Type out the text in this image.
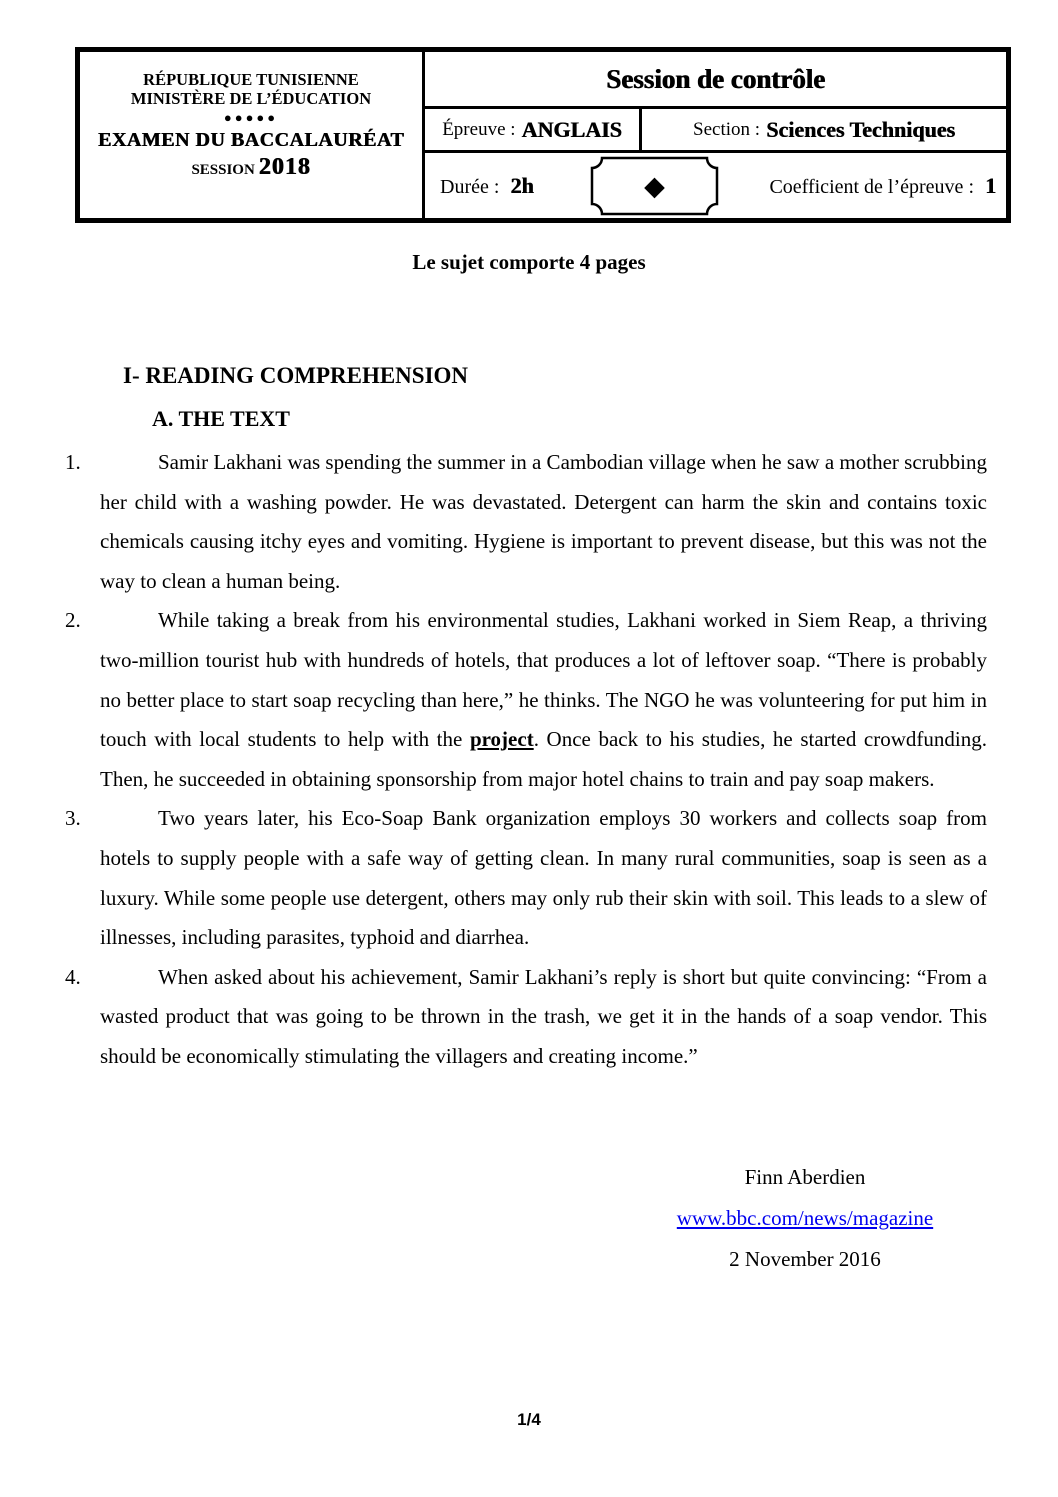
RÉPUBLIQUE TUNISIENNE
MINISTÈRE DE L’ÉDUCATION
●●●●●
EXAMEN DU BACCALAURÉAT
SESSION 2018
Session de contrôle
Épreuve : ANGLAIS	Section : Sciences Techniques
Durée : 2h	◆	Coefficient de l’épreuve : 1
Le sujet comporte 4 pages
I- READING COMPREHENSION
A. THE TEXT
1.	Samir Lakhani was spending the summer in a Cambodian village when he saw a mother scrubbing her child with a washing powder. He was devastated. Detergent can harm the skin and contains toxic chemicals causing itchy eyes and vomiting. Hygiene is important to prevent disease, but this was not the way to clean a human being.

2.	While taking a break from his environmental studies, Lakhani worked in Siem Reap, a thriving two-million tourist hub with hundreds of hotels, that produces a lot of leftover soap. “There is probably no better place to start soap recycling than here,” he thinks. The NGO he was volunteering for put him in touch with local students to help with the project. Once back to his studies, he started crowdfunding. Then, he succeeded in obtaining sponsorship from major hotel chains to train and pay soap makers.

3.	Two years later, his Eco-Soap Bank organization employs 30 workers and collects soap from hotels to supply people with a safe way of getting clean. In many rural communities, soap is seen as a luxury. While some people use detergent, others may only rub their skin with soil. This leads to a slew of illnesses, including parasites, typhoid and diarrhea.

4.	When asked about his achievement, Samir Lakhani’s reply is short but quite convincing: “From a wasted product that was going to be thrown in the trash, we get it in the hands of a soap vendor. This should be economically stimulating the villagers and creating income.”

Finn Aberdien
www.bbc.com/news/magazine
2 November 2016
1/4
